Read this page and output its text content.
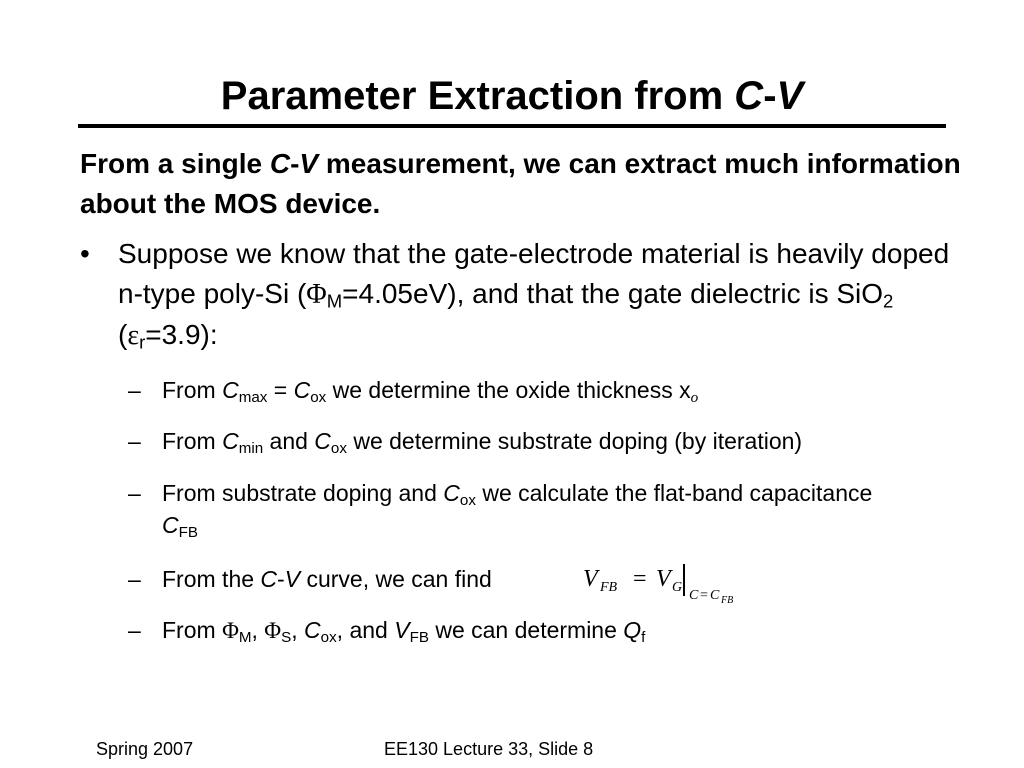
Parameter Extraction from C-V
From a single C-V measurement, we can extract much information about the MOS device.
• Suppose we know that the gate-electrode material is heavily doped n-type poly-Si $(\Phi_M=4.05eV)$, and that the gate dielectric is SiO$_2$ $(\varepsilon_r=3.9)$:
– From $C_{max} = C_{ox}$ we determine the oxide thickness $x_o$
– From $C_{min}$ and $C_{ox}$ we determine substrate doping (by iteration)
– From substrate doping and $C_{ox}$ we calculate the flat-band capacitance $C_{FB}$
– From the C-V curve, we can find	V FB = V G
C = C FB
– From $\Phi_M$, $\Phi_S$, $C_{ox}$, and $V_{FB}$ we can determine $Q_f$
Spring 2007	EE130 Lecture 33, Slide 8
